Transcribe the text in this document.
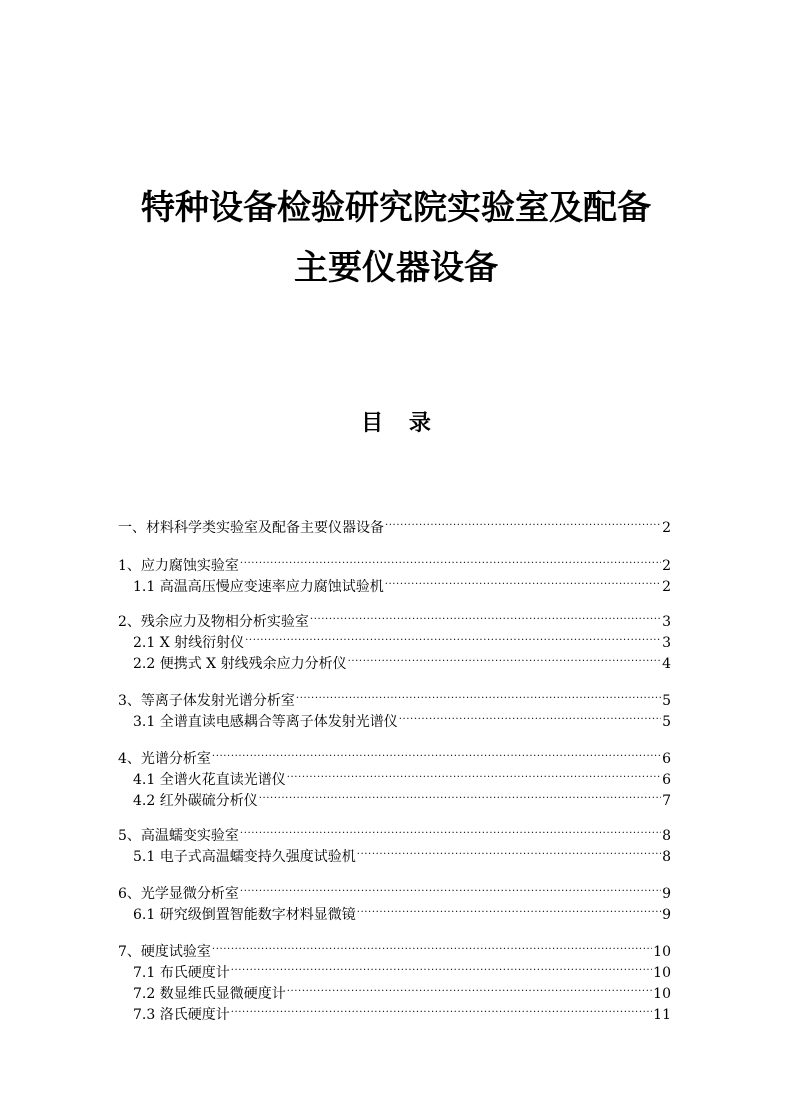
特种设备检验研究院实验室及配备
主要仪器设备
目 录
一、材料科学类实验室及配备主要仪器设备 .....	2
1、应力腐蚀实验室 .....	2
1.1 高温高压慢应变速率应力腐蚀试验机 .....	2
2、残余应力及物相分析实验室 .....	3
2.1 X 射线衍射仪 .....	3
2.2 便携式 X 射线残余应力分析仪 .....	4
3、等离子体发射光谱分析室 .....	5
3.1 全谱直读电感耦合等离子体发射光谱仪 .....	5
4、光谱分析室 .....	6
4.1 全谱火花直读光谱仪 .....	6
4.2 红外碳硫分析仪 .....	7
5、高温蠕变实验室 .....	8
5.1 电子式高温蠕变持久强度试验机 .....	8
6、光学显微分析室 .....	9
6.1 研究级倒置智能数字材料显微镜 .....	9
7、硬度试验室 .....	10
7.1 布氏硬度计 .....	10
7.2 数显维氏显微硬度计 .....	10
7.3 洛氏硬度计 .....	11
